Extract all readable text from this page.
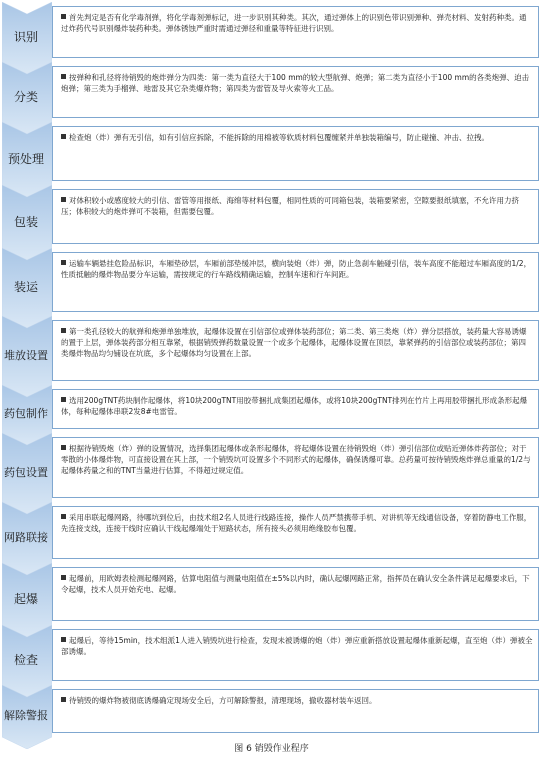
识别
首先判定是否有化学毒剂弹，将化学毒剂弹标记，进一步识别其种类。其次，通过弹体上的识别色带识别弹种、弹壳材料、发射药种类。通过炸药代号识别爆炸装药种类。弹体锈蚀严重时需通过弹径和重量等特征进行识别。
分类
按弹种和孔径将待销毁的炮炸弹分为四类：第一类为直径大于100 mm的较大型航弹、炮弹；第二类为直径小于100 mm的各类炮弹、迫击炮弹；第三类为手榴弹、地雷及其它杂类爆炸物；第四类为雷管及导火索等火工品。
预处理
检查炮（炸）弹有无引信，如有引信应拆除，不能拆除的用棉被等软质材料包覆缠紧并单独装箱编号，防止碰撞、冲击、拉拽。
包装
对体积较小或感度较大的引信、雷管等用报纸、海绵等材料包覆，相同性质的可同箱包装，装箱要紧密，空隙要报纸填塞，不允许用力挤压；体积较大的炮炸弹可不装箱，但需要包覆。
装运
运输车辆悬挂危险品标识，车厢垫砂层，车厢前部垫缓冲层，横向装炮（炸）弹，防止急刹车触碰引信，装车高度不能超过车厢高度的1/2，性质抵触的爆炸物品要分车运输，需按规定的行车路线精确运输，控制车速和行车间距。
堆放设置
第一类孔径较大的航弹和炮弹单独堆放，起爆体设置在引信部位或弹体装药部位；第二类、第三类炮（炸）弹分层搭放，装药量大容易诱爆的置于上层，弹体装药部分相互靠紧，根据销毁弹药数量设置一个或多个起爆体，起爆体设置在顶层，靠紧弹药的引信部位或装药部位；第四类爆炸物品均匀铺设在坑底，多个起爆体均匀设置在上部。
药包制作
选用200gTNT药块制作起爆体，将10块200gTNT用胶带捆扎成集团起爆体，或将10块200gTNT排列在竹片上再用胶带捆扎形成条形起爆体，每种起爆体串联2发8#电雷管。
药包设置
根据待销毁炮（炸）弹的设置情况，选择集团起爆体或条形起爆体，将起爆体设置在待销毁炮（炸）弹引信部位或贴近弹体炸药部位；对于零散的小体爆炸物，可直接设置在其上部，一个销毁坑可设置多个不同形式的起爆体，确保诱爆可靠。总药量可按待销毁炮炸弹总重量的1/2与起爆体药量之和的TNT当量进行估算，不得超过规定值。
网路联接
采用串联起爆网路，待哪坑到位后，由技术组2名人员进行线路连接，操作人员严禁携带手机、对讲机等无线通信设备，穿着防静电工作服，先连接支线，连接干线时应确认干线起爆端处于短路状态，所有接头必须用绝缘胶布包覆。
起爆
起爆前，用欧姆表检测起爆网路，估算电阻值与测量电阻值在±5%以内时，确认起爆网路正常，指挥员在确认安全条件满足起爆要求后，下令起爆，技术人员开始充电、起爆。
检查
起爆后，等待15min，技术组派1人进入销毁坑进行检查，发现未被诱爆的炮（炸）弹应重新搭放设置起爆体重新起爆，直至炮（炸）弹被全部诱爆。
解除警报
待销毁的爆炸物被彻底诱爆确定现场安全后，方可解除警报，清理现场，撤收器材装车返回。
图 6 销毁作业程序
